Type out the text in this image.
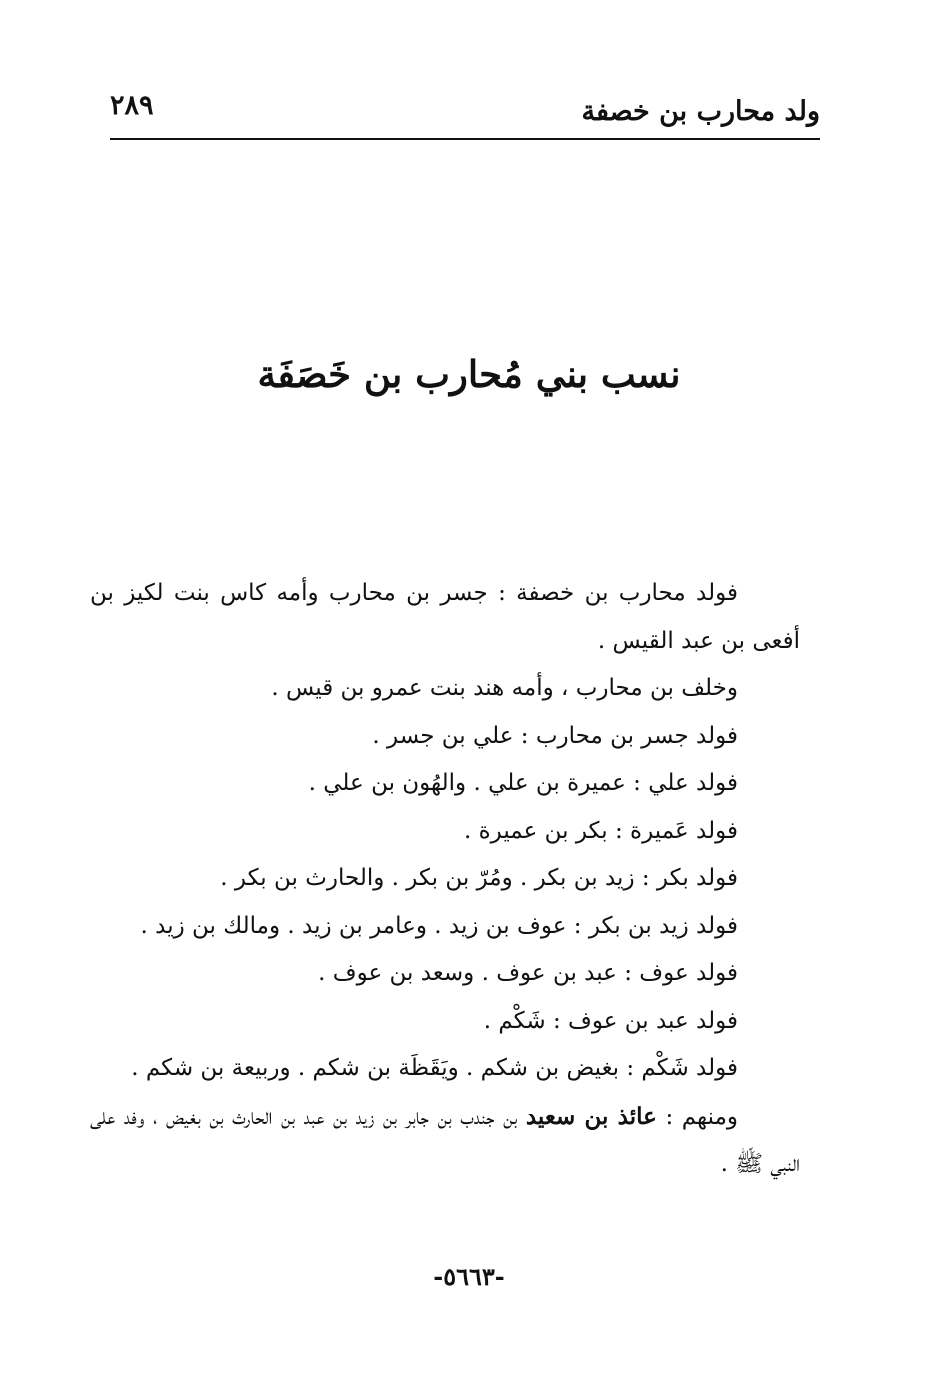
ولد محارب بن خصفة
٢٨٩
نسب بني مُحارب بن خَصَفَة

فولد محارب بن خصفة : جسر بن محارب وأمه كاس بنت لكيز بن أفعى بن عبد القيس .

وخلف بن محارب ، وأمه هند بنت عمرو بن قيس .

فولد جسر بن محارب : علي بن جسر .

فولد علي : عميرة بن علي . والهُون بن علي .

فولد عَميرة : بكر بن عميرة .

فولد بكر : زيد بن بكر . ومُرّ بن بكر . والحارث بن بكر .

فولد زيد بن بكر : عوف بن زيد . وعامر بن زيد . ومالك بن زيد .

فولد عوف : عبد بن عوف . وسعد بن عوف .

فولد عبد بن عوف : شَكْم .

فولد شَكْم : بغيض بن شكم . ويَقَظَة بن شكم . وربيعة بن شكم .

ومنهم : عائذ بن سعيد بن جندب بن جابر بن زيد بن عبد بن الحارث بن بغيض ، وفد على النبي ﷺ .

-٥٦٦٣-
